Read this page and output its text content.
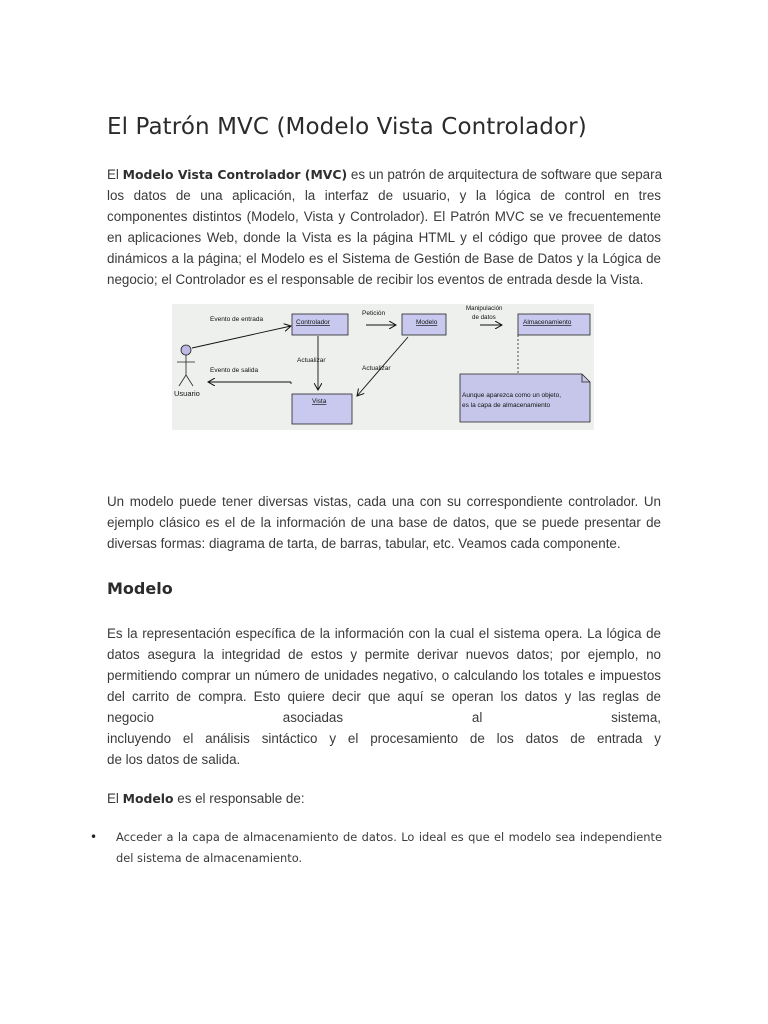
El Patrón MVC (Modelo Vista Controlador)

El Modelo Vista Controlador (MVC) es un patrón de arquitectura de software que separa
los datos de una aplicación, la interfaz de usuario, y la lógica de control en tres
componentes distintos (Modelo, Vista y Controlador). El Patrón MVC se ve frecuentemente
en aplicaciones Web, donde la Vista es la página HTML y el código que provee de datos
dinámicos a la página; el Modelo es el Sistema de Gestión de Base de Datos y la Lógica de
negocio; el Controlador es el responsable de recibir los eventos de entrada desde la Vista.

Usuario
Controlador	Modelo	Almacenamiento
Vista
Aunque aparezca como un objeto,
es la capa de almacenamiento
Evento de entrada
Evento de salida
Petición
Actualizar
Actualizar
Manipulación
de datos

Un modelo puede tener diversas vistas, cada una con su correspondiente controlador. Un
ejemplo clásico es el de la información de una base de datos, que se puede presentar de
diversas formas: diagrama de tarta, de barras, tabular, etc. Veamos cada componente.

Modelo

Es la representación específica de la información con la cual el sistema opera. La lógica de
datos asegura la integridad de estos y permite derivar nuevos datos; por ejemplo, no
permitiendo comprar un número de unidades negativo, o calculando los totales e impuestos
del carrito de compra. Esto quiere decir que aquí se operan los datos y las reglas de
negocio asociadas al sistema,
incluyendo el análisis sintáctico y el procesamiento de los datos de entrada y
de los datos de salida.

El Modelo es el responsable de:

• Acceder a la capa de almacenamiento de datos. Lo ideal es que el modelo sea independiente
del sistema de almacenamiento.
